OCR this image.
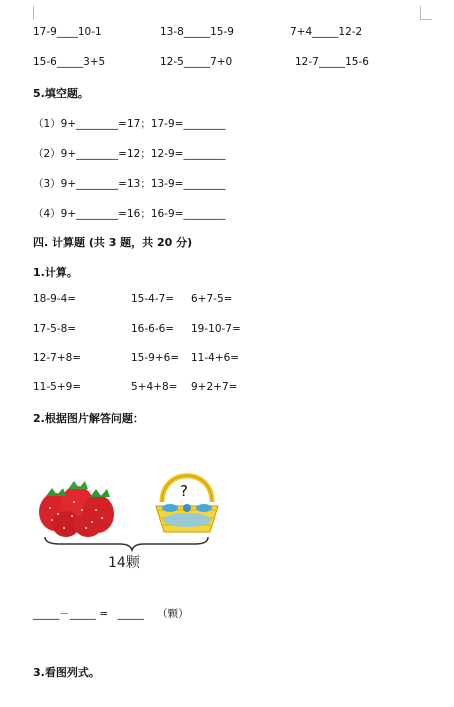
17-9____10-1	13-8_____15-9	7+4_____12-2
15-6_____3+5	12-5_____7+0	12-7_____15-6
5.填空题。
（1）9+________=17；17-9=________
（2）9+________=12；12-9=________
（3）9+________=13；13-9=________
（4）9+________=16；16-9=________
四. 计算题 (共 3 题，共 20 分)
1.计算。
18-9-4=	15-4-7= 6+7-5=
17-5-8=	16-6-6= 19-10-7=
12-7+8=	15-9+6= 11-4+6=
11-5+9=	5+4+8= 9+2+7=
2.根据图片解答问题：
?
14颗
_____－_____ = _____ （颗）
3.看图列式。
